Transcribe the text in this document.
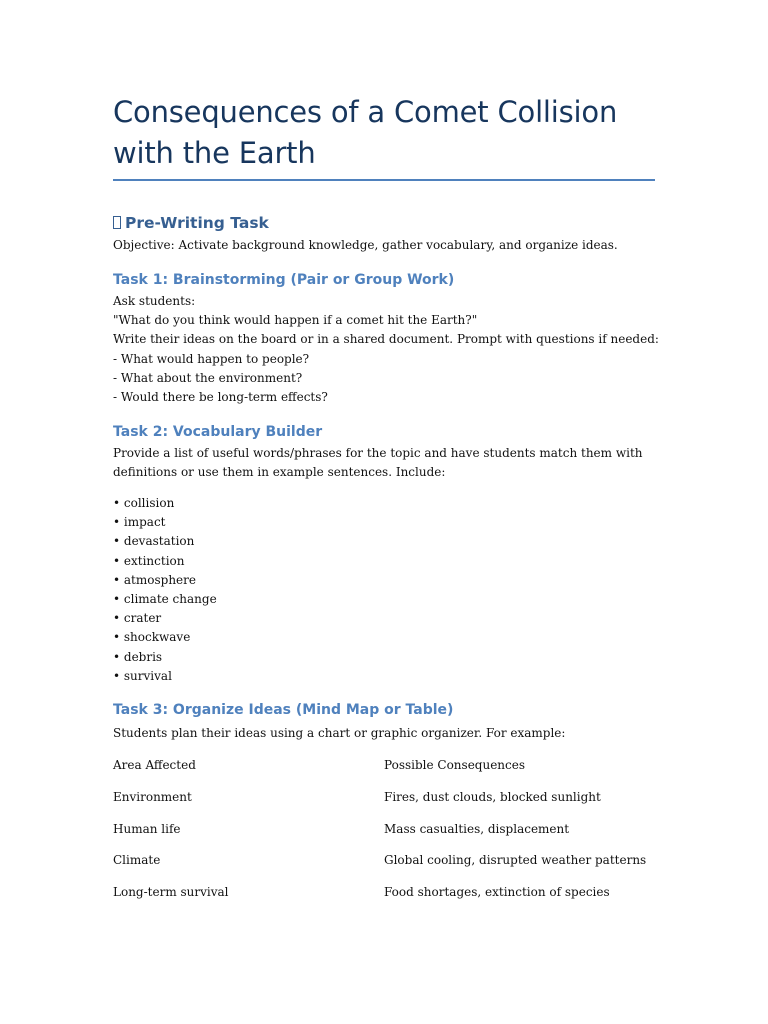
Consequences of a Comet Collision with the Earth
Pre-Writing Task

Objective: Activate background knowledge, gather vocabulary, and organize ideas.

Task 1: Brainstorming (Pair or Group Work)
Ask students:
"What do you think would happen if a comet hit the Earth?"
Write their ideas on the board or in a shared document. Prompt with questions if needed:
- What would happen to people?
- What about the environment?
- Would there be long-term effects?
Task 2: Vocabulary Builder
Provide a list of useful words/phrases for the topic and have students match them with
definitions or use them in example sentences. Include:
• collision
• impact
• devastation
• extinction
• atmosphere
• climate change
• crater
• shockwave
• debris
• survival
Task 3: Organize Ideas (Mind Map or Table)

Students plan their ideas using a chart or graphic organizer. For example:

Area Affected	Possible Consequences
Environment	Fires, dust clouds, blocked sunlight
Human life	Mass casualties, displacement
Climate	Global cooling, disrupted weather patterns
Long-term survival	Food shortages, extinction of species
